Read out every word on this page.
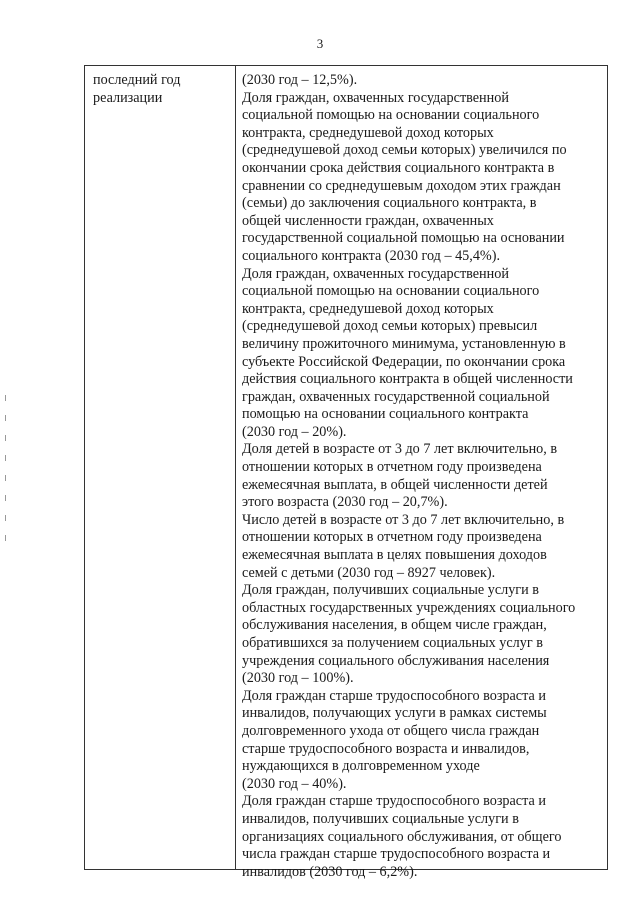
3
последний год
реализации
(2030 год – 12,5%).
Доля граждан, охваченных государственной
социальной помощью на основании социального
контракта, среднедушевой доход которых
(среднедушевой доход семьи которых) увеличился по
окончании срока действия социального контракта в
сравнении со среднедушевым доходом этих граждан
(семьи) до заключения социального контракта, в
общей численности граждан, охваченных
государственной социальной помощью на основании
социального контракта (2030 год – 45,4%).
Доля граждан, охваченных государственной
социальной помощью на основании социального
контракта, среднедушевой доход которых
(среднедушевой доход семьи которых) превысил
величину прожиточного минимума, установленную в
субъекте Российской Федерации, по окончании срока
действия социального контракта в общей численности
граждан, охваченных государственной социальной
помощью на основании социального контракта
(2030 год – 20%).
Доля детей в возрасте от 3 до 7 лет включительно, в
отношении которых в отчетном году произведена
ежемесячная выплата, в общей численности детей
этого возраста (2030 год – 20,7%).
Число детей в возрасте от 3 до 7 лет включительно, в
отношении которых в отчетном году произведена
ежемесячная выплата в целях повышения доходов
семей с детьми (2030 год – 8927 человек).
Доля граждан, получивших социальные услуги в
областных государственных учреждениях социального
обслуживания населения, в общем числе граждан,
обратившихся за получением социальных услуг в
учреждения социального обслуживания населения
(2030 год – 100%).
Доля граждан старше трудоспособного возраста и
инвалидов, получающих услуги в рамках системы
долговременного ухода от общего числа граждан
старше трудоспособного возраста и инвалидов,
нуждающихся в долговременном уходе
(2030 год – 40%).
Доля граждан старше трудоспособного возраста и
инвалидов, получивших социальные услуги в
организациях социального обслуживания, от общего
числа граждан старше трудоспособного возраста и
инвалидов (2030 год – 6,2%).
